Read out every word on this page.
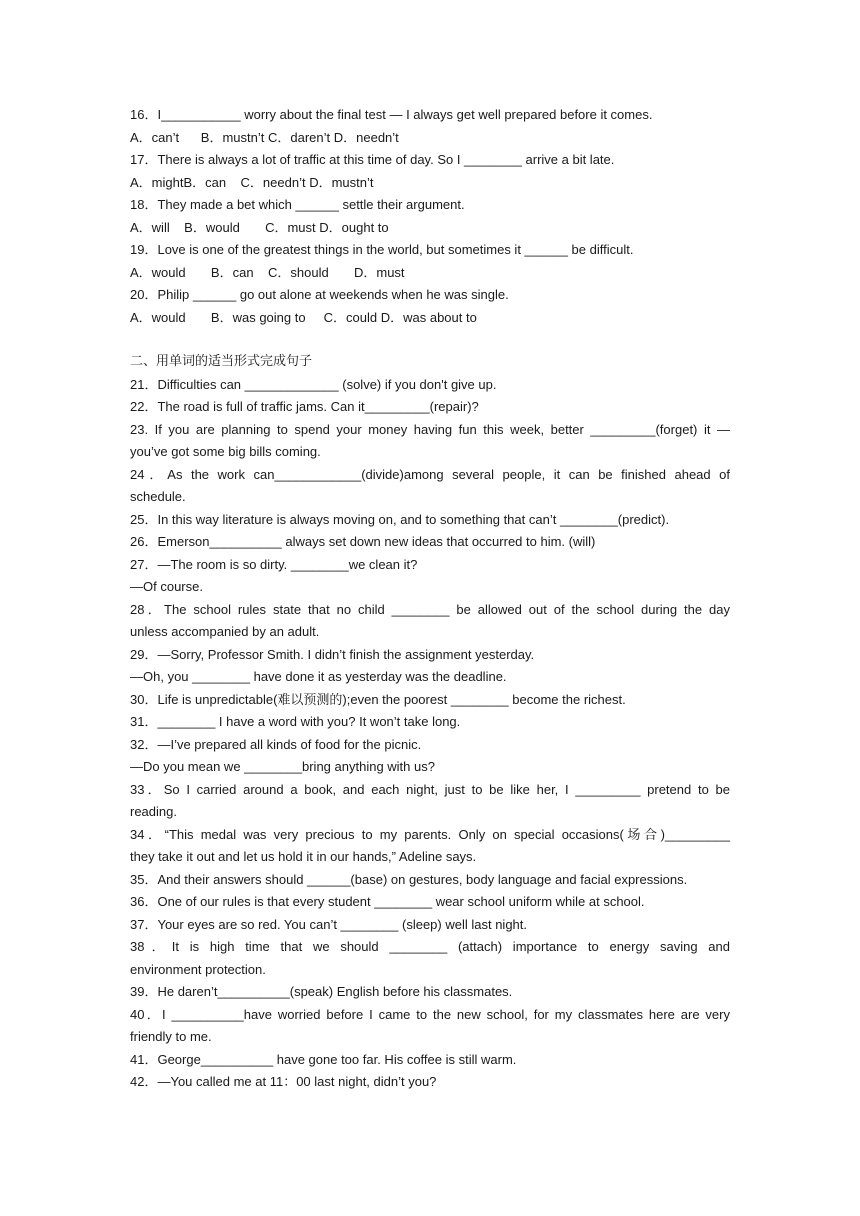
16．I___________ worry about the final test — I always get well prepared before it comes.
A．can’t      B．mustn’t C．daren’t D．needn’t
17．There is always a lot of traffic at this time of day. So I ________ arrive a bit late.
A．mightB．can    C．needn’t D．mustn’t
18．They made a bet which ______ settle their argument.
A．will    B．would       C．must D．ought to
19．Love is one of the greatest things in the world, but sometimes it ______ be difficult.
A．would       B．can    C．should       D．must
20．Philip ______ go out alone at weekends when he was single.
A．would       B．was going to     C．could D．was about to
二、用单词的适当形式完成句子
21．Difficulties can _____________ (solve) if you don't give up.
22．The road is full of traffic jams. Can it_________(repair)?
23. If you are planning to spend your money having fun this week, better _________(forget) it —
you’ve got some big bills coming.
24．As the work can____________(divide)among several people, it can be finished ahead of
schedule.
25．In this way literature is always moving on, and to something that can’t ________(predict).
26．Emerson__________ always set down new ideas that occurred to him. (will)
27．—The room is so dirty. ________we clean it?
—Of course.
28．The school rules state that no child ________ be allowed out of the school during the day
unless accompanied by an adult.
29．—Sorry, Professor Smith. I didn’t finish the assignment yesterday.
—Oh, you ________ have done it as yesterday was the deadline.
30．Life is unpredictable(难以预测的);even the poorest ________ become the richest.
31．________ I have a word with you? It won’t take long.
32．—I’ve prepared all kinds of food for the picnic.
—Do you mean we ________bring anything with us?
33．So I carried around a book, and each night, just to be like her, I _________ pretend to be
reading.
34．“This medal was very precious to my parents. Only on special occasions(场合)_________
they take it out and let us hold it in our hands,” Adeline says.
35．And their answers should ______(base) on gestures, body language and facial expressions.
36．One of our rules is that every student ________ wear school uniform while at school.
37．Your eyes are so red. You can’t ________ (sleep) well last night.
38．It is high time that we should ________ (attach) importance to energy saving and
environment protection.
39．He daren’t__________(speak) English before his classmates.
40．I __________have worried before I came to the new school, for my classmates here are very
friendly to me.
41．George__________ have gone too far. His coffee is still warm.
42．—You called me at 11：00 last night, didn’t you?
